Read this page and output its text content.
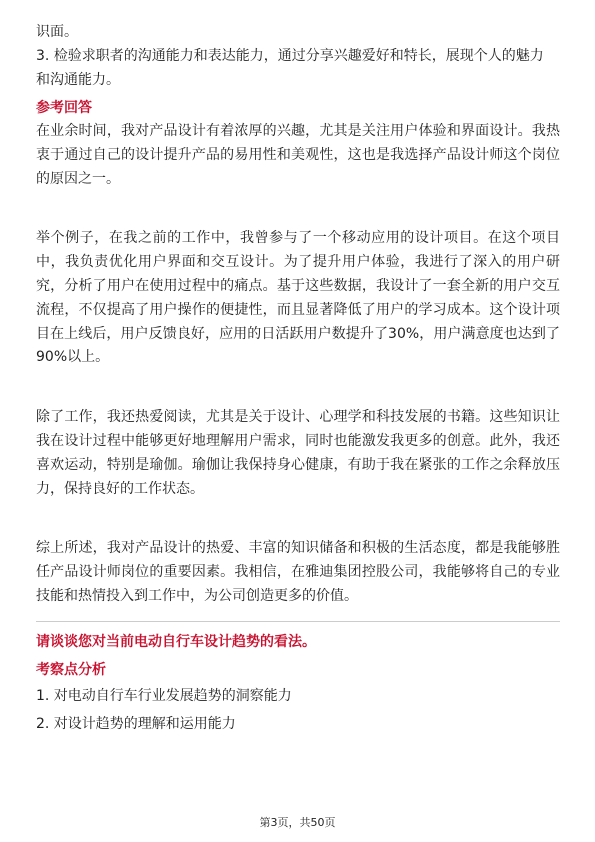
识面。

3. 检验求职者的沟通能力和表达能力，通过分享兴趣爱好和特长，展现个人的魅力

和沟通能力。

参考回答

在业余时间，我对产品设计有着浓厚的兴趣，尤其是关注用户体验和界面设计。我热衷于通过自己的设计提升产品的易用性和美观性，这也是我选择产品设计师这个岗位的原因之一。

举个例子，在我之前的工作中，我曾参与了一个移动应用的设计项目。在这个项目中，我负责优化用户界面和交互设计。为了提升用户体验，我进行了深入的用户研究，分析了用户在使用过程中的痛点。基于这些数据，我设计了一套全新的用户交互流程，不仅提高了用户操作的便捷性，而且显著降低了用户的学习成本。这个设计项目在上线后，用户反馈良好，应用的日活跃用户数提升了30%，用户满意度也达到了90%以上。

除了工作，我还热爱阅读，尤其是关于设计、心理学和科技发展的书籍。这些知识让我在设计过程中能够更好地理解用户需求，同时也能激发我更多的创意。此外，我还喜欢运动，特别是瑜伽。瑜伽让我保持身心健康，有助于我在紧张的工作之余释放压力，保持良好的工作状态。

综上所述，我对产品设计的热爱、丰富的知识储备和积极的生活态度，都是我能够胜任产品设计师岗位的重要因素。我相信，在雅迪集团控股公司，我能够将自己的专业技能和热情投入到工作中，为公司创造更多的价值。

请谈谈您对当前电动自行车设计趋势的看法。

考察点分析

1. 对电动自行车行业发展趋势的洞察能力

2. 对设计趋势的理解和运用能力

第3页，共50页
